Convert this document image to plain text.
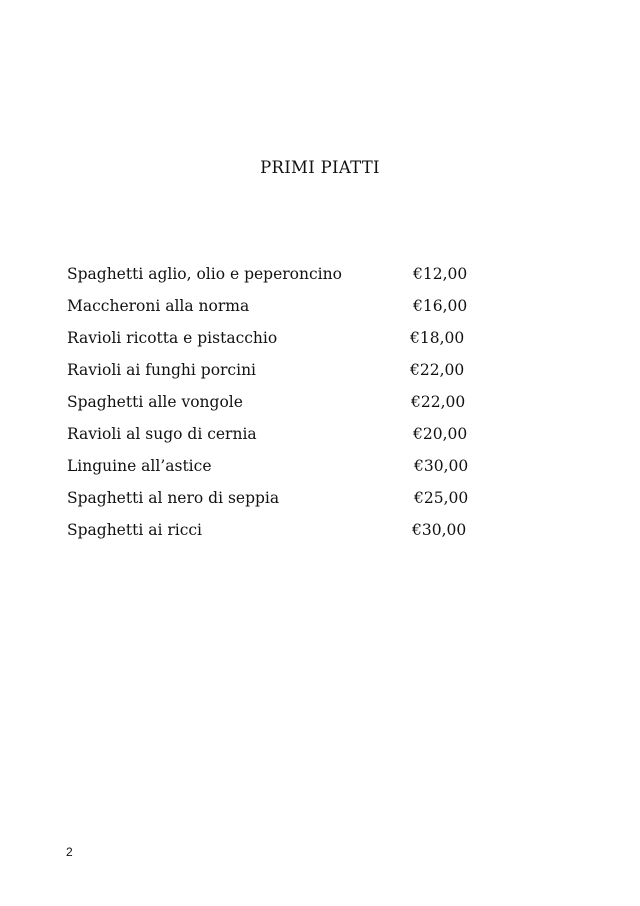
PRIMI PIATTI
Spaghetti aglio, olio e peperoncino	€12,00
Maccheroni alla norma	€16,00
Ravioli ricotta e pistacchio	€18,00
Ravioli ai funghi porcini	€22,00
Spaghetti alle vongole	€22,00
Ravioli al sugo di cernia	€20,00
Linguine all’astice	€30,00
Spaghetti al nero di seppia	€25,00
Spaghetti ai ricci	€30,00
2
